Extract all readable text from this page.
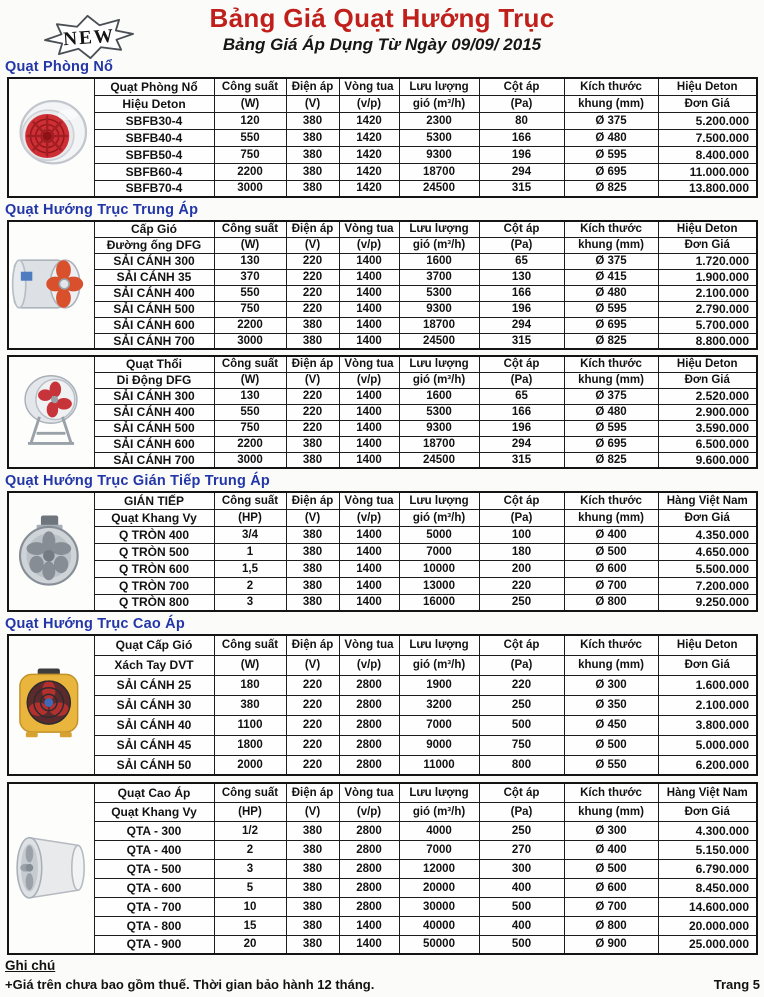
NEW
Bảng Giá Quạt Hướng Trục
Bảng Giá Áp Dụng Từ Ngày 09/09/ 2015
Quạt Phòng Nổ
	Quạt Phòng Nổ	Công suất	Điện áp	Vòng tua	Lưu lượng	Cột áp	Kích thước	Hiệu Deton
	Hiệu Deton	(W)	(V)	(v/p)	gió (m³/h)	(Pa)	khung (mm)	Đơn Giá
	SBFB30-4	120	380	1420	2300	80	Ø 375	5.200.000
	SBFB40-4	550	380	1420	5300	166	Ø 480	7.500.000
	SBFB50-4	750	380	1420	9300	196	Ø 595	8.400.000
	SBFB60-4	2200	380	1420	18700	294	Ø 695	11.000.000
	SBFB70-4	3000	380	1420	24500	315	Ø 825	13.800.000
Quạt Hướng Trục Trung Áp
	Cấp Gió	Công suất	Điện áp	Vòng tua	Lưu lượng	Cột áp	Kích thước	Hiệu Deton
	Đường ống DFG	(W)	(V)	(v/p)	gió (m³/h)	(Pa)	khung (mm)	Đơn Giá
	SẢI CÁNH 300	130	220	1400	1600	65	Ø 375	1.720.000
	SẢI CÁNH 35	370	220	1400	3700	130	Ø 415	1.900.000
	SẢI CÁNH 400	550	220	1400	5300	166	Ø 480	2.100.000
	SẢI CÁNH 500	750	220	1400	9300	196	Ø 595	2.790.000
	SẢI CÁNH 600	2200	380	1400	18700	294	Ø 695	5.700.000
	SẢI CÁNH 700	3000	380	1400	24500	315	Ø 825	8.800.000
	Quạt Thổi	Công suất	Điện áp	Vòng tua	Lưu lượng	Cột áp	Kích thước	Hiệu Deton
	Di Động DFG	(W)	(V)	(v/p)	gió (m³/h)	(Pa)	khung (mm)	Đơn Giá
	SẢI CÁNH 300	130	220	1400	1600	65	Ø 375	2.520.000
	SẢI CÁNH 400	550	220	1400	5300	166	Ø 480	2.900.000
	SẢI CÁNH 500	750	220	1400	9300	196	Ø 595	3.590.000
	SẢI CÁNH 600	2200	380	1400	18700	294	Ø 695	6.500.000
	SẢI CÁNH 700	3000	380	1400	24500	315	Ø 825	9.600.000
Quạt Hướng Trục Gián Tiếp Trung Áp
	GIÁN TIẾP	Công suất	Điện áp	Vòng tua	Lưu lượng	Cột áp	Kích thước	Hàng Việt Nam
	Quạt Khang Vy	(HP)	(V)	(v/p)	gió (m³/h)	(Pa)	khung (mm)	Đơn Giá
	Q TRÒN 400	3/4	380	1400	5000	100	Ø 400	4.350.000
	Q TRÒN 500	1	380	1400	7000	180	Ø 500	4.650.000
	Q TRÒN 600	1,5	380	1400	10000	200	Ø 600	5.500.000
	Q TRÒN 700	2	380	1400	13000	220	Ø 700	7.200.000
	Q TRÒN 800	3	380	1400	16000	250	Ø 800	9.250.000
Quạt Hướng Trục Cao Áp
	Quạt Cấp Gió	Công suất	Điện áp	Vòng tua	Lưu lượng	Cột áp	Kích thước	Hiệu Deton
	Xách Tay DVT	(W)	(V)	(v/p)	gió (m³/h)	(Pa)	khung (mm)	Đơn Giá
	SẢI CÁNH 25	180	220	2800	1900	220	Ø 300	1.600.000
	SẢI CÁNH 30	380	220	2800	3200	250	Ø 350	2.100.000
	SẢI CÁNH 40	1100	220	2800	7000	500	Ø 450	3.800.000
	SẢI CÁNH 45	1800	220	2800	9000	750	Ø 500	5.000.000
	SẢI CÁNH 50	2000	220	2800	11000	800	Ø 550	6.200.000
	Quạt Cao Áp	Công suất	Điện áp	Vòng tua	Lưu lượng	Cột áp	Kích thước	Hàng Việt Nam
	Quạt Khang Vy	(HP)	(V)	(v/p)	gió (m³/h)	(Pa)	khung (mm)	Đơn Giá
	QTA - 300	1/2	380	2800	4000	250	Ø 300	4.300.000
	QTA - 400	2	380	2800	7000	270	Ø 400	5.150.000
	QTA - 500	3	380	2800	12000	300	Ø 500	6.790.000
	QTA - 600	5	380	2800	20000	400	Ø 600	8.450.000
	QTA - 700	10	380	2800	30000	500	Ø 700	14.600.000
	QTA - 800	15	380	1400	40000	400	Ø 800	20.000.000
	QTA - 900	20	380	1400	50000	500	Ø 900	25.000.000
Ghi chú
+Giá trên chưa bao gồm thuế. Thời gian bảo hành 12 tháng.	Trang 5
